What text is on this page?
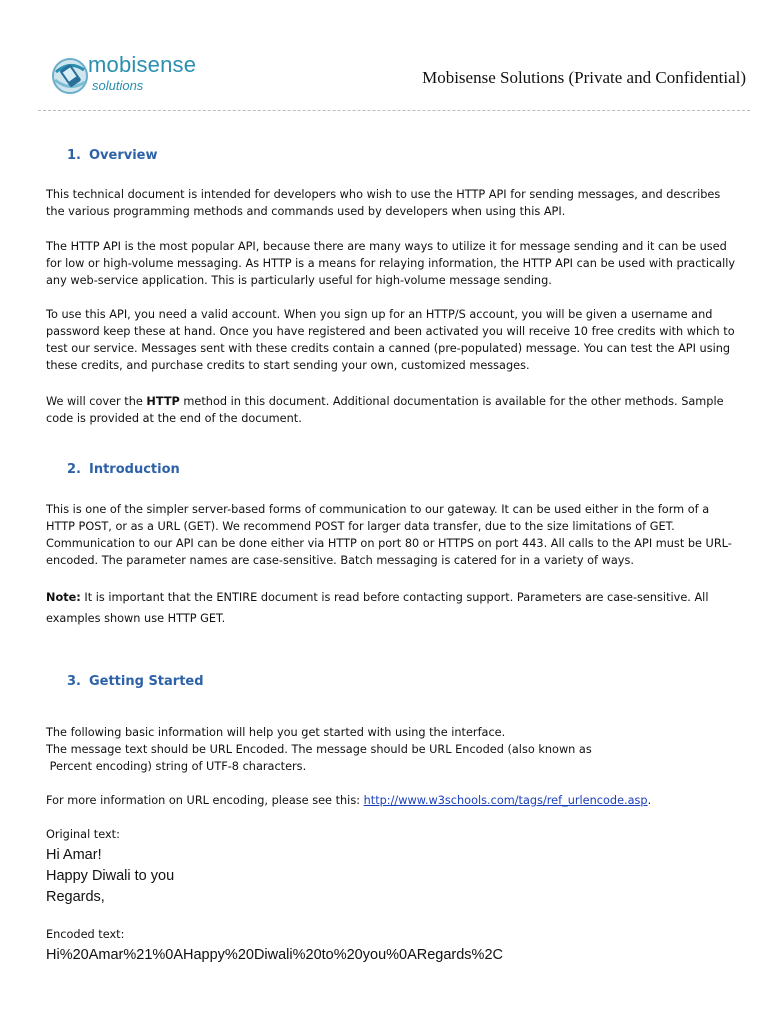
mobisense
solutions	Mobisense Solutions (Private and Confidential)
1. Overview
This technical document is intended for developers who wish to use the HTTP API for sending messages, and describes the various programming methods and commands used by developers when using this API.
The HTTP API is the most popular API, because there are many ways to utilize it for message sending and it can be used for low or high-volume messaging. As HTTP is a means for relaying information, the HTTP API can be used with practically any web-service application. This is particularly useful for high-volume message sending.
To use this API, you need a valid account. When you sign up for an HTTP/S account, you will be given a username and password keep these at hand. Once you have registered and been activated you will receive 10 free credits with which to test our service. Messages sent with these credits contain a canned (pre-populated) message. You can test the API using these credits, and purchase credits to start sending your own, customized messages.
We will cover the HTTP method in this document. Additional documentation is available for the other methods. Sample code is provided at the end of the document.
2. Introduction
This is one of the simpler server-based forms of communication to our gateway. It can be used either in the form of a HTTP POST, or as a URL (GET). We recommend POST for larger data transfer, due to the size limitations of GET. Communication to our API can be done either via HTTP on port 80 or HTTPS on port 443. All calls to the API must be URL-encoded. The parameter names are case-sensitive. Batch messaging is catered for in a variety of ways.
Note: It is important that the ENTIRE document is read before contacting support. Parameters are case-sensitive. All examples shown use HTTP GET.
3. Getting Started
The following basic information will help you get started with using the interface.
The message text should be URL Encoded. The message should be URL Encoded (also known as
Percent encoding) string of UTF-8 characters.
For more information on URL encoding, please see this: http://www.w3schools.com/tags/ref_urlencode.asp.
Original text:
Hi Amar!
Happy Diwali to you
Regards,
Encoded text:
Hi%20Amar%21%0AHappy%20Diwali%20to%20you%0ARegards%2C
